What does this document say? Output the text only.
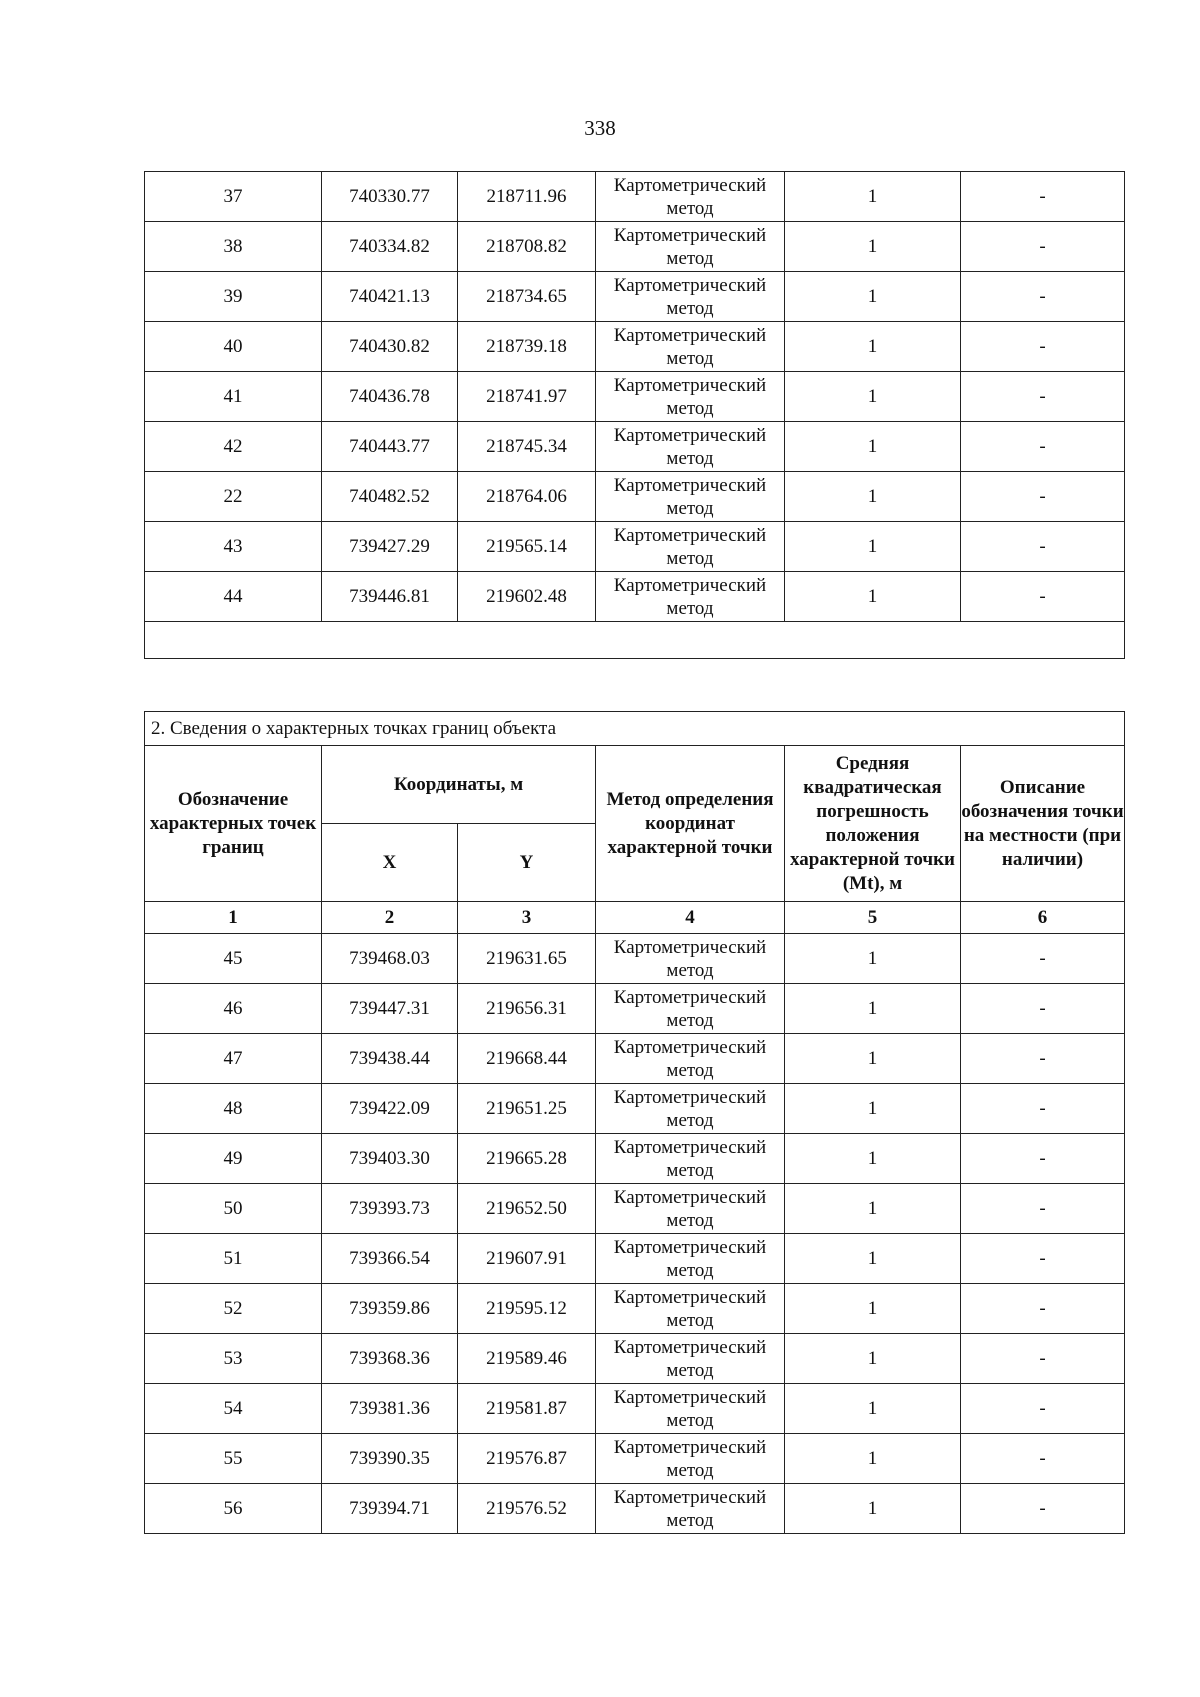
338
37	740330.77	218711.96	Картометрический метод	1	-
38	740334.82	218708.82	Картометрический метод	1	-
39	740421.13	218734.65	Картометрический метод	1	-
40	740430.82	218739.18	Картометрический метод	1	-
41	740436.78	218741.97	Картометрический метод	1	-
42	740443.77	218745.34	Картометрический метод	1	-
22	740482.52	218764.06	Картометрический метод	1	-
43	739427.29	219565.14	Картометрический метод	1	-
44	739446.81	219602.48	Картометрический метод	1	-

2. Сведения о характерных точках границ объекта					
Обозначение характерных точек границ	Координаты, м		Метод определения координат характерной точки	Средняя квадратическая погрешность положения характерной точки (Mt), м	Описание обозначения точки на местности (при наличии)
	X	Y			
1	2	3	4	5	6
45	739468.03	219631.65	Картометрический метод	1	-
46	739447.31	219656.31	Картометрический метод	1	-
47	739438.44	219668.44	Картометрический метод	1	-
48	739422.09	219651.25	Картометрический метод	1	-
49	739403.30	219665.28	Картометрический метод	1	-
50	739393.73	219652.50	Картометрический метод	1	-
51	739366.54	219607.91	Картометрический метод	1	-
52	739359.86	219595.12	Картометрический метод	1	-
53	739368.36	219589.46	Картометрический метод	1	-
54	739381.36	219581.87	Картометрический метод	1	-
55	739390.35	219576.87	Картометрический метод	1	-
56	739394.71	219576.52	Картометрический метод	1	-
